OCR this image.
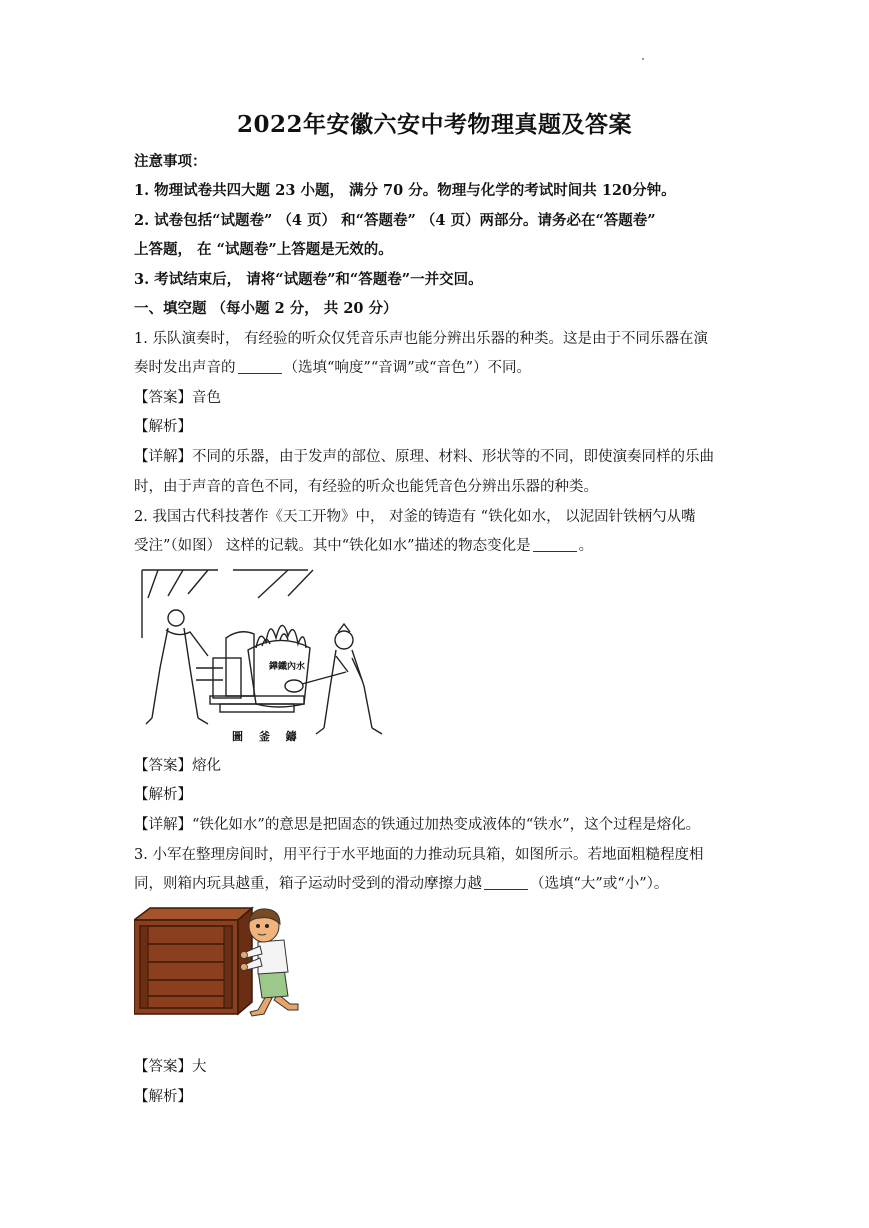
2022年安徽六安中考物理真题及答案
注意事项：
1. 物理试卷共四大题 23 小题， 满分 70 分。物理与化学的考试时间共 120分钟。
2. 试卷包括“试题卷” （4 页） 和“答题卷” （4 页）两部分。请务必在“答题卷”
上答题， 在 “试题卷”上答题是无效的。
3. 考试结束后， 请将“试题卷”和“答题卷”一并交回。
一、填空题 （每小题 2 分， 共 20 分）
1. 乐队演奏时， 有经验的听众仅凭音乐声也能分辨出乐器的种类。这是由于不同乐器在演
奏时发出声音的	（选填“响度”“音调”或“音色”）不同。
【答案】音色
【解析】
【详解】不同的乐器，由于发声的部位、原理、材料、形状等的不同，即使演奏同样的乐曲
时，由于声音的音色不同，有经验的听众也能凭音色分辨出乐器的种类。
2. 我国古代科技著作《天工开物》中， 对釜的铸造有 “铁化如水， 以泥固针铁柄勺从嘴
受注”（如图） 这样的记载。其中“铁化如水”描述的物态变化是	。
鏵鐵內水
圖 釜 鑄
【答案】熔化
【解析】
【详解】“铁化如水”的意思是把固态的铁通过加热变成液体的“铁水”，这个过程是熔化。
3. 小军在整理房间时，用平行于水平地面的力推动玩具箱，如图所示。若地面粗糙程度相
同，则箱内玩具越重，箱子运动时受到的滑动摩擦力越	（选填“大”或“小”）。
【答案】大
【解析】
